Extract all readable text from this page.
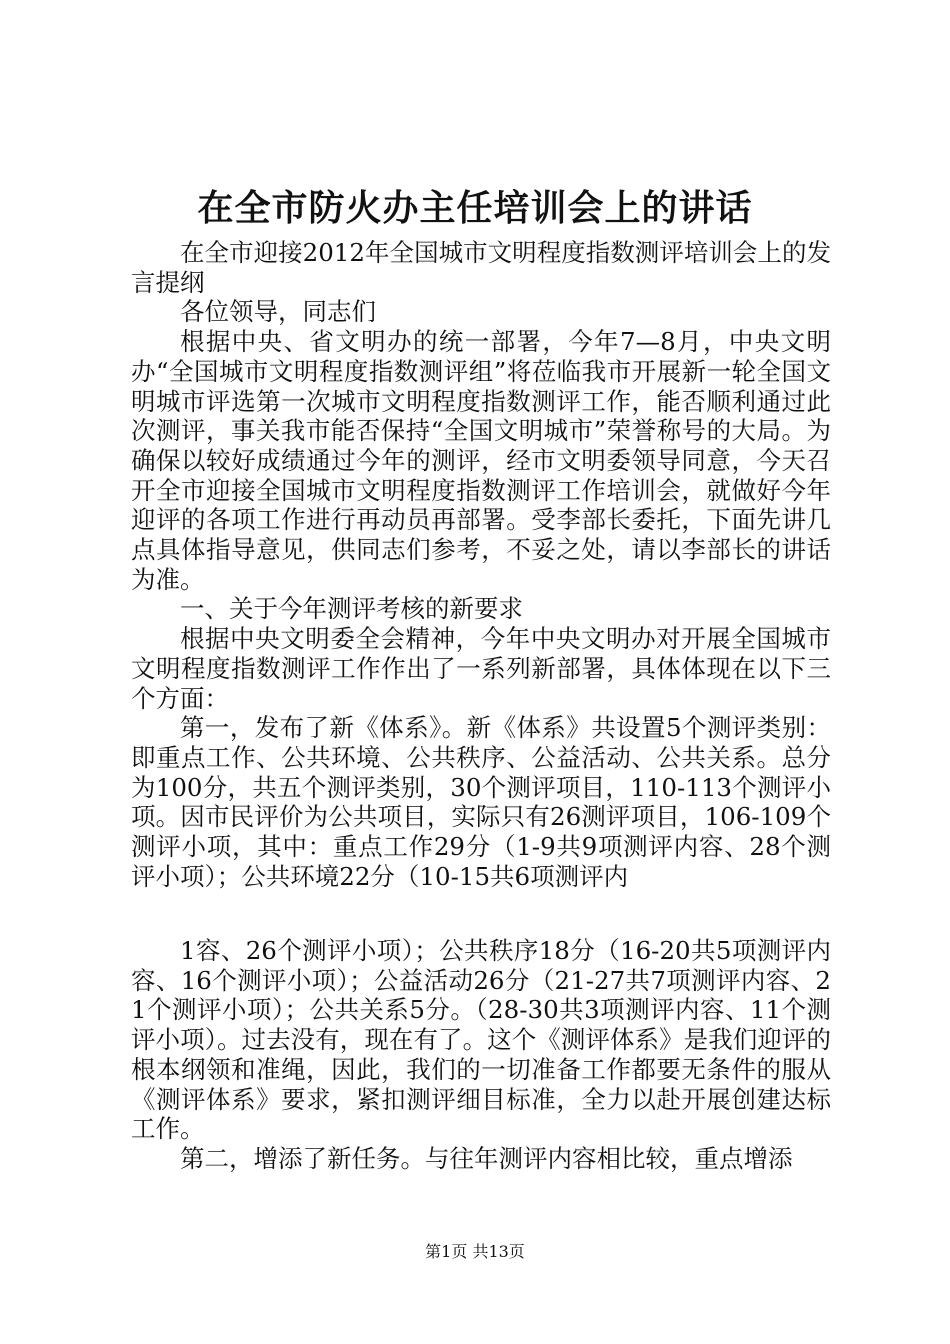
在全市防火办主任培训会上的讲话

在全市迎接2012年全国城市文明程度指数测评培训会上的发言提纲

各位领导，同志们

根据中央、省文明办的统一部署，今年7—8月，中央文明办“全国城市文明程度指数测评组”将莅临我市开展新一轮全国文明城市评选第一次城市文明程度指数测评工作，能否顺利通过此次测评，事关我市能否保持“全国文明城市”荣誉称号的大局。为确保以较好成绩通过今年的测评，经市文明委领导同意，今天召开全市迎接全国城市文明程度指数测评工作培训会，就做好今年迎评的各项工作进行再动员再部署。受李部长委托，下面先讲几点具体指导意见，供同志们参考，不妥之处，请以李部长的讲话为准。

一、关于今年测评考核的新要求

根据中央文明委全会精神，今年中央文明办对开展全国城市文明程度指数测评工作作出了一系列新部署，具体体现在以下三个方面：

第一，发布了新《体系》。新《体系》共设置5个测评类别：即重点工作、公共环境、公共秩序、公益活动、公共关系。总分为100分，共五个测评类别，30个测评项目，110-113个测评小项。因市民评价为公共项目，实际只有26测评项目，106-109个测评小项，其中：重点工作29分（1-9共9项测评内容、28个测评小项）；公共环境22分（10-15共6项测评内

1容、26个测评小项）；公共秩序18分（16-20共5项测评内容、16个测评小项）；公益活动26分（21-27共7项测评内容、21个测评小项）；公共关系5分。（28-30共3项测评内容、11个测评小项）。过去没有，现在有了。这个《测评体系》是我们迎评的根本纲领和准绳，因此，我们的一切准备工作都要无条件的服从《测评体系》要求，紧扣测评细目标准，全力以赴开展创建达标工作。

第二，增添了新任务。与往年测评内容相比较，重点增添

第1页 共13页
